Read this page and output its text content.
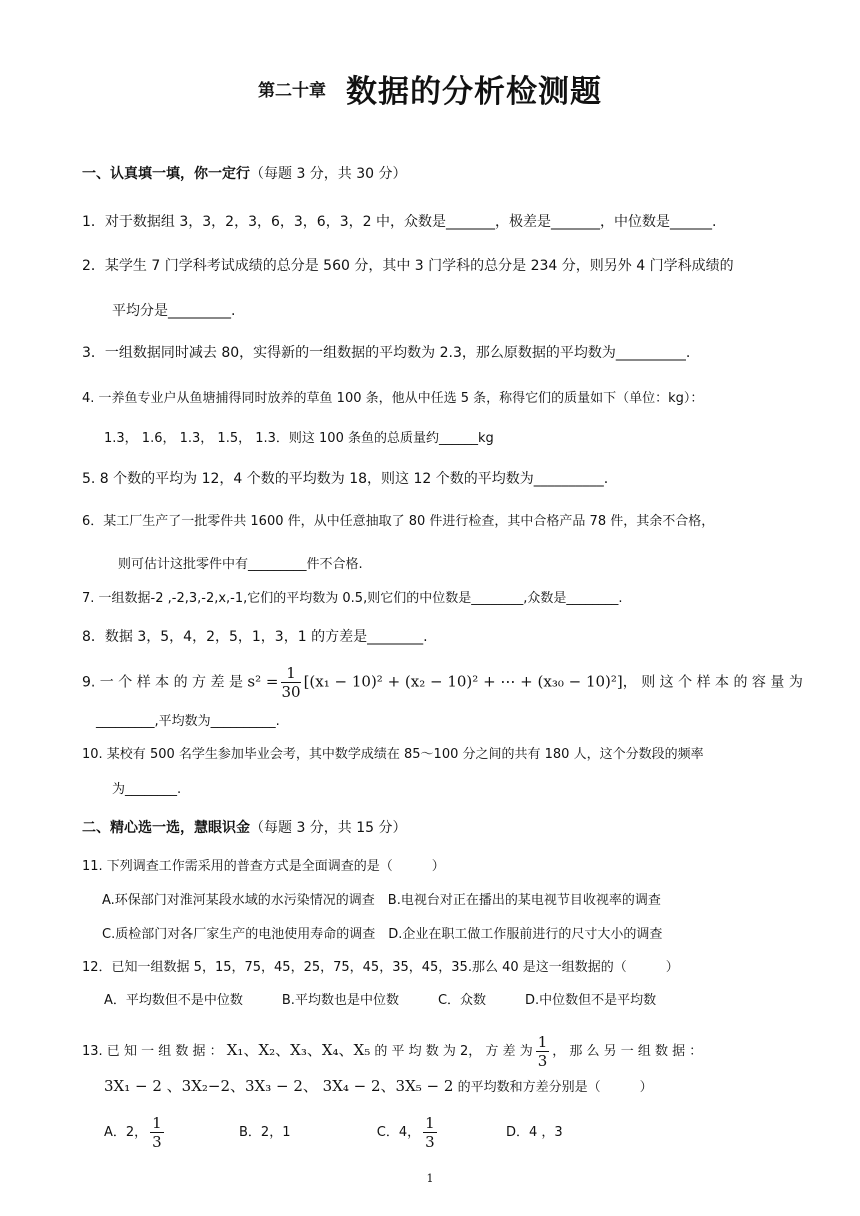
第二十章 数据的分析检测题
一、认真填一填，你一定行（每题 3 分，共 30 分）
1．对于数据组 3，3，2，3，6，3，6，3，2 中，众数是_______，极差是_______，中位数是______.
2．某学生 7 门学科考试成绩的总分是 560 分，其中 3 门学科的总分是 234 分，则另外 4 门学科成绩的
平均分是_________.
3．一组数据同时减去 80，实得新的一组数据的平均数为 2.3，那么原数据的平均数为__________.
4. 一养鱼专业户从鱼塘捕得同时放养的草鱼 100 条，他从中任选 5 条，称得它们的质量如下（单位：kg）：
1.3， 1.6， 1.3， 1.5， 1.3．则这 100 条鱼的总质量约______kg
5. 8 个数的平均为 12，4 个数的平均数为 18，则这 12 个数的平均数为__________.
6．某工厂生产了一批零件共 1600 件，从中任意抽取了 80 件进行检查，其中合格产品 78 件，其余不合格，
则可估计这批零件中有_________件不合格.
7. 一组数据-2 ,-2,3,-2,x,-1,它们的平均数为 0.5,则它们的中位数是________,众数是________.
8．数据 3，5，4，2，5，1，3，1 的方差是________.
9. 一 个 样 本 的 方 差 是 $s^2 = \frac{1}{30} [(x_1 - 10)^2 + (x_2 - 10)^2$ + ⋯ + (x₃₀ − 10)²]， 则 这 个 样 本 的 容 量 为
_________,平均数为__________.
10. 某校有 500 名学生参加毕业会考，其中数学成绩在 85～100 分之间的共有 180 人，这个分数段的频率
为________.
二、精心选一选，慧眼识金（每题 3 分，共 15 分）
11. 下列调查工作需采用的普查方式是全面调查的是（　　　）
A.环保部门对淮河某段水域的水污染情况的调查　B.电视台对正在播出的某电视节目收视率的调查
C.质检部门对各厂家生产的电池使用寿命的调查　D.企业在职工做工作服前进行的尺寸大小的调查
12．已知一组数据 5，15，75，45，25，75，45，35，45，35.那么 40 是这一组数据的（　　　）
A．平均数但不是中位数　　　B.平均数也是中位数　　　C．众数　　　D.中位数但不是平均数
13. 已 知 一 组 数 据 ： X₁、X₂、X₃、X₄、X₅ 的 平 均 数 为 2， 方 差 为 $\frac{1}{3}$ ， 那 么 另 一 组 数 据 ：
3X₁ − 2 、3X₂−2、3X₃ − 2、 3X₄ − 2、3X₅ − 2 的平均数和方差分别是（　　　）
A．2， $\frac{1}{3}$	B．2，1	C．4， $\frac{1}{3}$	D．4 ，3
1
